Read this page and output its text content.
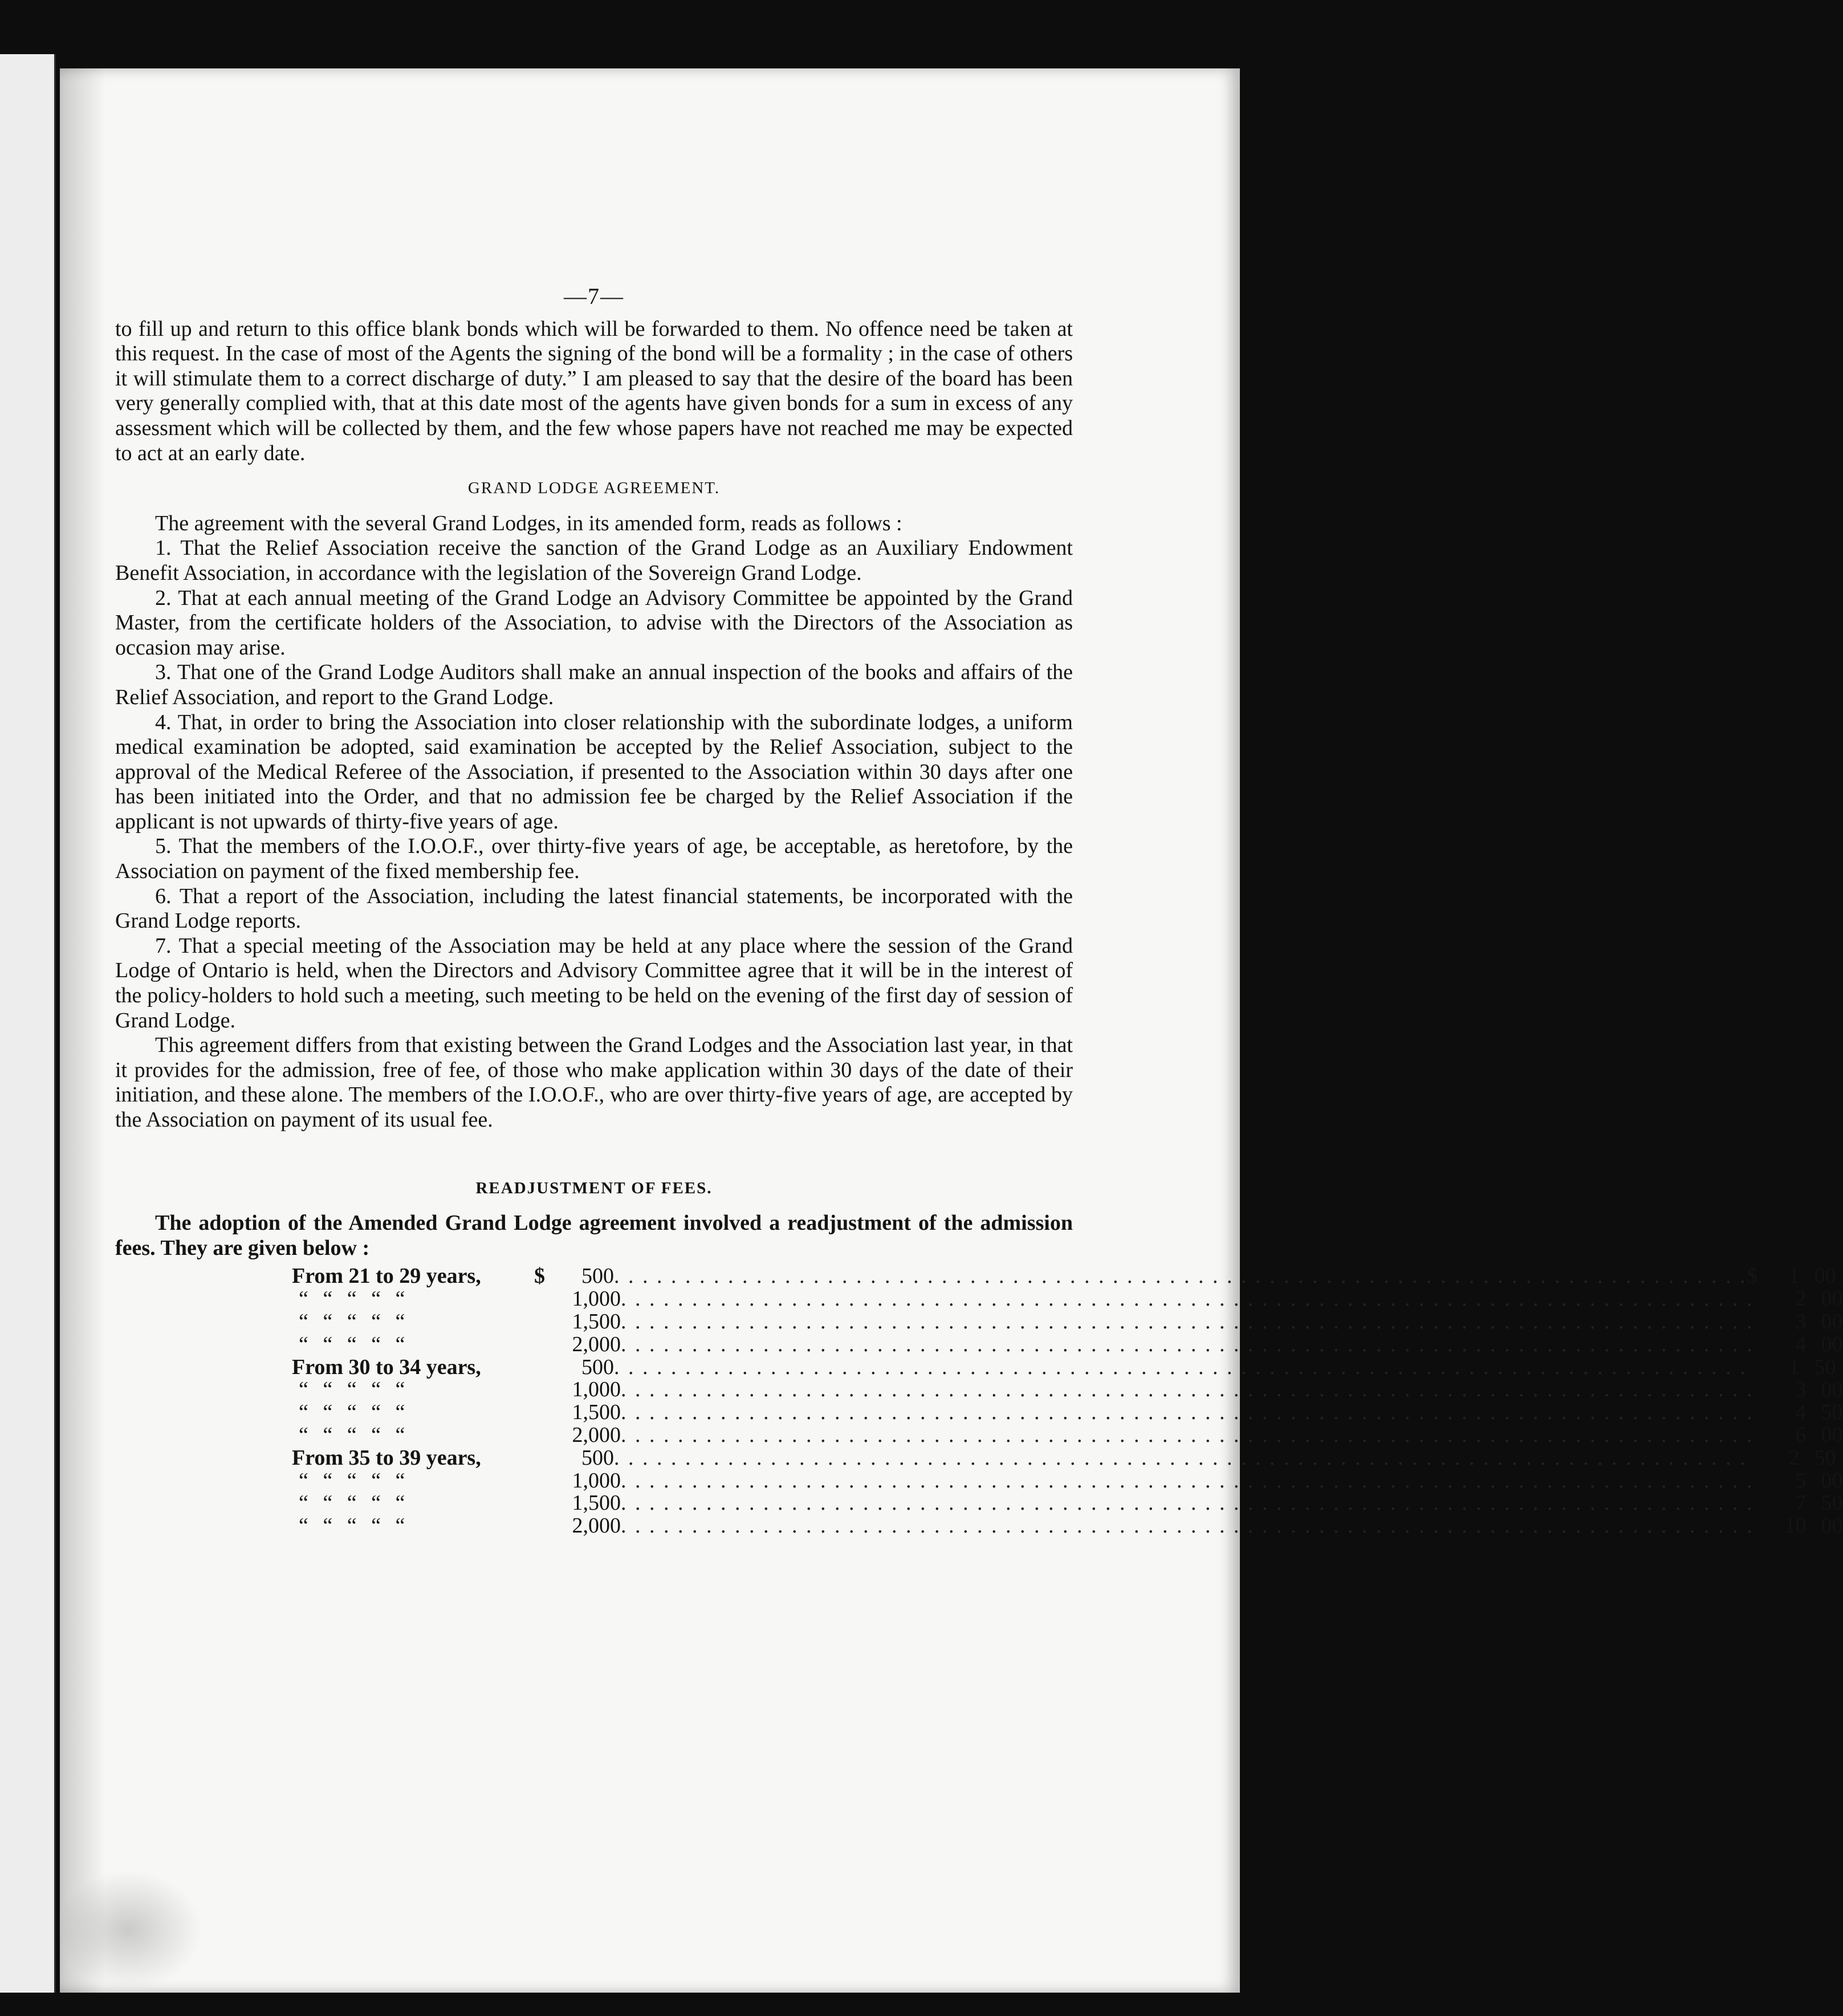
—7—

to fill up and return to this office blank bonds which will be forwarded to them. No offence need be taken at this request. In the case of most of the Agents the signing of the bond will be a formality ; in the case of others it will stimulate them to a correct discharge of duty.” I am pleased to say that the desire of the board has been very generally complied with, that at this date most of the agents have given bonds for a sum in excess of any assessment which will be collected by them, and the few whose papers have not reached me may be expected to act at an early date.

GRAND LODGE AGREEMENT.

The agreement with the several Grand Lodges, in its amended form, reads as follows :

1. That the Relief Association receive the sanction of the Grand Lodge as an Auxiliary Endowment Benefit Association, in accordance with the legislation of the Sovereign Grand Lodge.

2. That at each annual meeting of the Grand Lodge an Advisory Committee be appointed by the Grand Master, from the certificate holders of the Association, to advise with the Directors of the Association as occasion may arise.

3. That one of the Grand Lodge Auditors shall make an annual inspection of the books and affairs of the Relief Association, and report to the Grand Lodge.

4. That, in order to bring the Association into closer relationship with the subordinate lodges, a uniform medical examination be adopted, said examination be accepted by the Relief Association, subject to the approval of the Medical Referee of the Association, if presented to the Association within 30 days after one has been initiated into the Order, and that no admission fee be charged by the Relief Association if the applicant is not upwards of thirty-five years of age.

5. That the members of the I.O.O.F., over thirty-five years of age, be acceptable, as heretofore, by the Association on payment of the fixed membership fee.

6. That a report of the Association, including the latest financial statements, be incorporated with the Grand Lodge reports.

7. That a special meeting of the Association may be held at any place where the session of the Grand Lodge of Ontario is held, when the Directors and Advisory Committee agree that it will be in the interest of the policy-holders to hold such a meeting, such meeting to be held on the evening of the first day of session of Grand Lodge.

This agreement differs from that existing between the Grand Lodges and the Association last year, in that it provides for the admission, free of fee, of those who make application within 30 days of the date of their initiation, and these alone. The members of the I.O.O.F., who are over thirty-five years of age, are accepted by the Association on payment of its usual fee.

READJUSTMENT OF FEES.

The adoption of the Amended Grand Lodge agreement involved a readjustment of the admission fees. They are given below :

From 21 to 29 years,	$	500 . . . . . . . . . . . . . . . . . . . . . . . . . . . . . . . . . . . . . . . . . . . . . . . . . . . . . . . . . . . . . . . . . . . . . . . . . . . . . . . . $	1 00
“ “ “ “ “	1,000 . . . . . . . . . . . . . . . . . . . . . . . . . . . . . . . . . . . . . . . . . . . . . . . . . . . . . . . . . . . . . . . . . . . . . . . . . . . . . . . .	2 00
“ “ “ “ “	1,500 . . . . . . . . . . . . . . . . . . . . . . . . . . . . . . . . . . . . . . . . . . . . . . . . . . . . . . . . . . . . . . . . . . . . . . . . . . . . . . . .	3 00
“ “ “ “ “	2,000 . . . . . . . . . . . . . . . . . . . . . . . . . . . . . . . . . . . . . . . . . . . . . . . . . . . . . . . . . . . . . . . . . . . . . . . . . . . . . . . .	4 00
From 30 to 34 years,	500 . . . . . . . . . . . . . . . . . . . . . . . . . . . . . . . . . . . . . . . . . . . . . . . . . . . . . . . . . . . . . . . . . . . . . . . . . . . . . . . .	1 50
“ “ “ “ “	1,000 . . . . . . . . . . . . . . . . . . . . . . . . . . . . . . . . . . . . . . . . . . . . . . . . . . . . . . . . . . . . . . . . . . . . . . . . . . . . . . . .	3 00
“ “ “ “ “	1,500 . . . . . . . . . . . . . . . . . . . . . . . . . . . . . . . . . . . . . . . . . . . . . . . . . . . . . . . . . . . . . . . . . . . . . . . . . . . . . . . .	4 50
“ “ “ “ “	2,000 . . . . . . . . . . . . . . . . . . . . . . . . . . . . . . . . . . . . . . . . . . . . . . . . . . . . . . . . . . . . . . . . . . . . . . . . . . . . . . . .	6 00
From 35 to 39 years,	500 . . . . . . . . . . . . . . . . . . . . . . . . . . . . . . . . . . . . . . . . . . . . . . . . . . . . . . . . . . . . . . . . . . . . . . . . . . . . . . . .	2 50
“ “ “ “ “	1,000 . . . . . . . . . . . . . . . . . . . . . . . . . . . . . . . . . . . . . . . . . . . . . . . . . . . . . . . . . . . . . . . . . . . . . . . . . . . . . . . .	5 00
“ “ “ “ “	1,500 . . . . . . . . . . . . . . . . . . . . . . . . . . . . . . . . . . . . . . . . . . . . . . . . . . . . . . . . . . . . . . . . . . . . . . . . . . . . . . . .	7 50
“ “ “ “ “	2,000 . . . . . . . . . . . . . . . . . . . . . . . . . . . . . . . . . . . . . . . . . . . . . . . . . . . . . . . . . . . . . . . . . . . . . . . . . . . . . . . .	10 00
